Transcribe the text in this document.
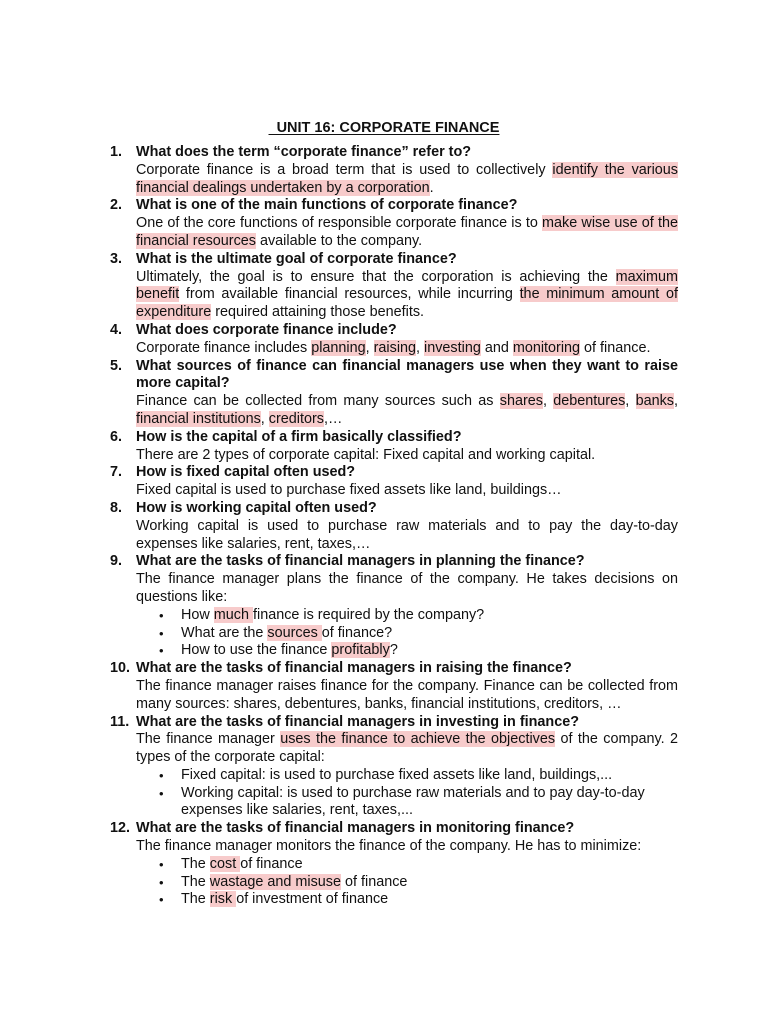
UNIT 16: CORPORATE FINANCE
1. What does the term “corporate finance” refer to?
Corporate finance is a broad term that is used to collectively identify the various financial dealings undertaken by a corporation.
2. What is one of the main functions of corporate finance?
One of the core functions of responsible corporate finance is to make wise use of the financial resources available to the company.
3. What is the ultimate goal of corporate finance?
Ultimately, the goal is to ensure that the corporation is achieving the maximum benefit from available financial resources, while incurring the minimum amount of expenditure required attaining those benefits.
4. What does corporate finance include?
Corporate finance includes planning, raising, investing and monitoring of finance.
5. What sources of finance can financial managers use when they want to raise more capital?
Finance can be collected from many sources such as shares, debentures, banks, financial institutions, creditors,…
6. How is the capital of a firm basically classified?
There are 2 types of corporate capital: Fixed capital and working capital.
7. How is fixed capital often used?
Fixed capital is used to purchase fixed assets like land, buildings…
8. How is working capital often used?
Working capital is used to purchase raw materials and to pay the day-to-day expenses like salaries, rent, taxes,…
9. What are the tasks of financial managers in planning the finance?
The finance manager plans the finance of the company. He takes decisions on questions like:
• How much finance is required by the company?
• What are the sources of finance?
• How to use the finance profitably?
10. What are the tasks of financial managers in raising the finance?
The finance manager raises finance for the company. Finance can be collected from many sources: shares, debentures, banks, financial institutions, creditors, …
11. What are the tasks of financial managers in investing in finance?
The finance manager uses the finance to achieve the objectives of the company. 2 types of the corporate capital:
• Fixed capital: is used to purchase fixed assets like land, buildings,...
• Working capital: is used to purchase raw materials and to pay day-to-day expenses like salaries, rent, taxes,...
12. What are the tasks of financial managers in monitoring finance?
The finance manager monitors the finance of the company. He has to minimize:
• The cost of finance
• The wastage and misuse of finance
• The risk of investment of finance
